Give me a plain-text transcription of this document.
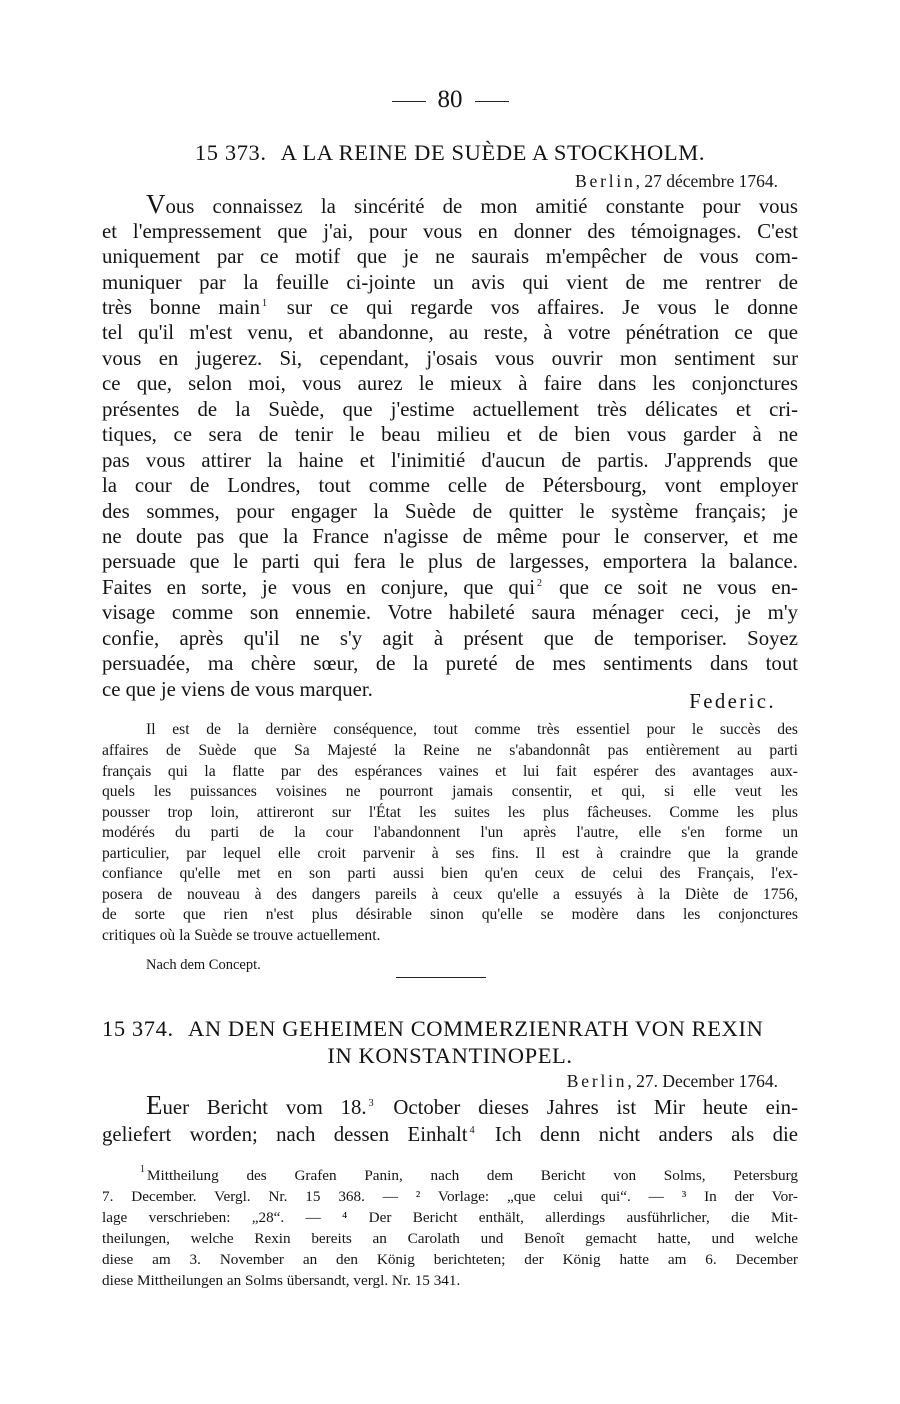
80
15 373. A LA REINE DE SUÈDE A STOCKHOLM.
Berlin, 27 décembre 1764.

Vous connaissez la sincérité de mon amitié constante pour vous

et l'empressement que j'ai, pour vous en donner des témoignages. C'est

uniquement par ce motif que je ne saurais m'empêcher de vous com-

muniquer par la feuille ci-jointe un avis qui vient de me rentrer de

très bonne main $^1$ sur ce qui regarde vos affaires. Je vous le donne

tel qu'il m'est venu, et abandonne, au reste, à votre pénétration ce que

vous en jugerez. Si, cependant, j'osais vous ouvrir mon sentiment sur

ce que, selon moi, vous aurez le mieux à faire dans les conjonctures

présentes de la Suède, que j'estime actuellement très délicates et cri-

tiques, ce sera de tenir le beau milieu et de bien vous garder à ne

pas vous attirer la haine et l'inimitié d'aucun de partis. J'apprends que

la cour de Londres, tout comme celle de Pétersbourg, vont employer

des sommes, pour engager la Suède de quitter le système français; je

ne doute pas que la France n'agisse de même pour le conserver, et me

persuade que le parti qui fera le plus de largesses, emportera la balance.

Faites en sorte, je vous en conjure, que qui $^2$ que ce soit ne vous en-

visage comme son ennemie. Votre habileté saura ménager ceci, je m'y

confie, après qu'il ne s'y agit à présent que de temporiser. Soyez

persuadée, ma chère sœur, de la pureté de mes sentiments dans tout

ce que je viens de vous marquer.

Federic.

Il est de la dernière conséquence, tout comme très essentiel pour le succès des

affaires de Suède que Sa Majesté la Reine ne s'abandonnât pas entièrement au parti

français qui la flatte par des espérances vaines et lui fait espérer des avantages aux-

quels les puissances voisines ne pourront jamais consentir, et qui, si elle veut les

pousser trop loin, attireront sur l'État les suites les plus fâcheuses. Comme les plus

modérés du parti de la cour l'abandonnent l'un après l'autre, elle s'en forme un

particulier, par lequel elle croit parvenir à ses fins. Il est à craindre que la grande

confiance qu'elle met en son parti aussi bien qu'en ceux de celui des Français, l'ex-

posera de nouveau à des dangers pareils à ceux qu'elle a essuyés à la Diète de 1756,

de sorte que rien n'est plus désirable sinon qu'elle se modère dans les conjonctures

critiques où la Suède se trouve actuellement.

Nach dem Concept.
15 374. AN DEN GEHEIMEN COMMERZIENRATH VON REXIN
IN KONSTANTINOPEL.
Berlin, 27. December 1764.

Euer Bericht vom 18. $^3$ October dieses Jahres ist Mir heute ein-

geliefert worden; nach dessen Einhalt $^4$ Ich denn nicht anders als die

$^1$ Mittheilung des Grafen Panin, nach dem Bericht von Solms, Petersburg

7. December. Vergl. Nr. 15 368. — ² Vorlage: „que celui qui“. — ³ In der Vor-

lage verschrieben: „28“. — ⁴ Der Bericht enthält, allerdings ausführlicher, die Mit-

theilungen, welche Rexin bereits an Carolath und Benoît gemacht hatte, und welche

diese am 3. November an den König berichteten; der König hatte am 6. December

diese Mittheilungen an Solms übersandt, vergl. Nr. 15 341.
